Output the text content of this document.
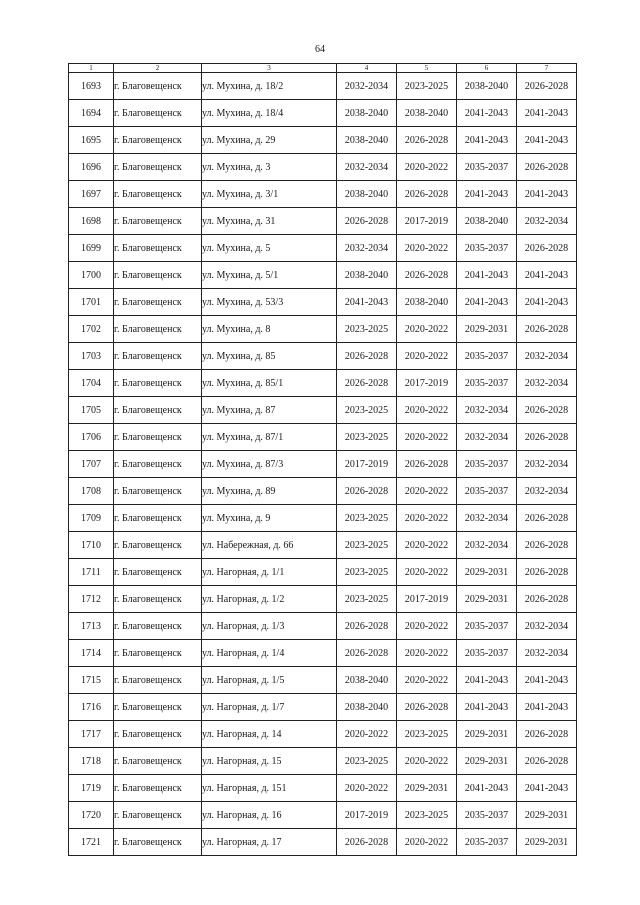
64
1	2	3	4	5	6	7
1693	г. Благовещенск	ул. Мухина, д. 18/2	2032-2034	2023-2025	2038-2040	2026-2028
1694	г. Благовещенск	ул. Мухина, д. 18/4	2038-2040	2038-2040	2041-2043	2041-2043
1695	г. Благовещенск	ул. Мухина, д. 29	2038-2040	2026-2028	2041-2043	2041-2043
1696	г. Благовещенск	ул. Мухина, д. 3	2032-2034	2020-2022	2035-2037	2026-2028
1697	г. Благовещенск	ул. Мухина, д. 3/1	2038-2040	2026-2028	2041-2043	2041-2043
1698	г. Благовещенск	ул. Мухина, д. 31	2026-2028	2017-2019	2038-2040	2032-2034
1699	г. Благовещенск	ул. Мухина, д. 5	2032-2034	2020-2022	2035-2037	2026-2028
1700	г. Благовещенск	ул. Мухина, д. 5/1	2038-2040	2026-2028	2041-2043	2041-2043
1701	г. Благовещенск	ул. Мухина, д. 53/3	2041-2043	2038-2040	2041-2043	2041-2043
1702	г. Благовещенск	ул. Мухина, д. 8	2023-2025	2020-2022	2029-2031	2026-2028
1703	г. Благовещенск	ул. Мухина, д. 85	2026-2028	2020-2022	2035-2037	2032-2034
1704	г. Благовещенск	ул. Мухина, д. 85/1	2026-2028	2017-2019	2035-2037	2032-2034
1705	г. Благовещенск	ул. Мухина, д. 87	2023-2025	2020-2022	2032-2034	2026-2028
1706	г. Благовещенск	ул. Мухина, д. 87/1	2023-2025	2020-2022	2032-2034	2026-2028
1707	г. Благовещенск	ул. Мухина, д. 87/3	2017-2019	2026-2028	2035-2037	2032-2034
1708	г. Благовещенск	ул. Мухина, д. 89	2026-2028	2020-2022	2035-2037	2032-2034
1709	г. Благовещенск	ул. Мухина, д. 9	2023-2025	2020-2022	2032-2034	2026-2028
1710	г. Благовещенск	ул. Набережная, д. 66	2023-2025	2020-2022	2032-2034	2026-2028
1711	г. Благовещенск	ул. Нагорная, д. 1/1	2023-2025	2020-2022	2029-2031	2026-2028
1712	г. Благовещенск	ул. Нагорная, д. 1/2	2023-2025	2017-2019	2029-2031	2026-2028
1713	г. Благовещенск	ул. Нагорная, д. 1/3	2026-2028	2020-2022	2035-2037	2032-2034
1714	г. Благовещенск	ул. Нагорная, д. 1/4	2026-2028	2020-2022	2035-2037	2032-2034
1715	г. Благовещенск	ул. Нагорная, д. 1/5	2038-2040	2020-2022	2041-2043	2041-2043
1716	г. Благовещенск	ул. Нагорная, д. 1/7	2038-2040	2026-2028	2041-2043	2041-2043
1717	г. Благовещенск	ул. Нагорная, д. 14	2020-2022	2023-2025	2029-2031	2026-2028
1718	г. Благовещенск	ул. Нагорная, д. 15	2023-2025	2020-2022	2029-2031	2026-2028
1719	г. Благовещенск	ул. Нагорная, д. 151	2020-2022	2029-2031	2041-2043	2041-2043
1720	г. Благовещенск	ул. Нагорная, д. 16	2017-2019	2023-2025	2035-2037	2029-2031
1721	г. Благовещенск	ул. Нагорная, д. 17	2026-2028	2020-2022	2035-2037	2029-2031
